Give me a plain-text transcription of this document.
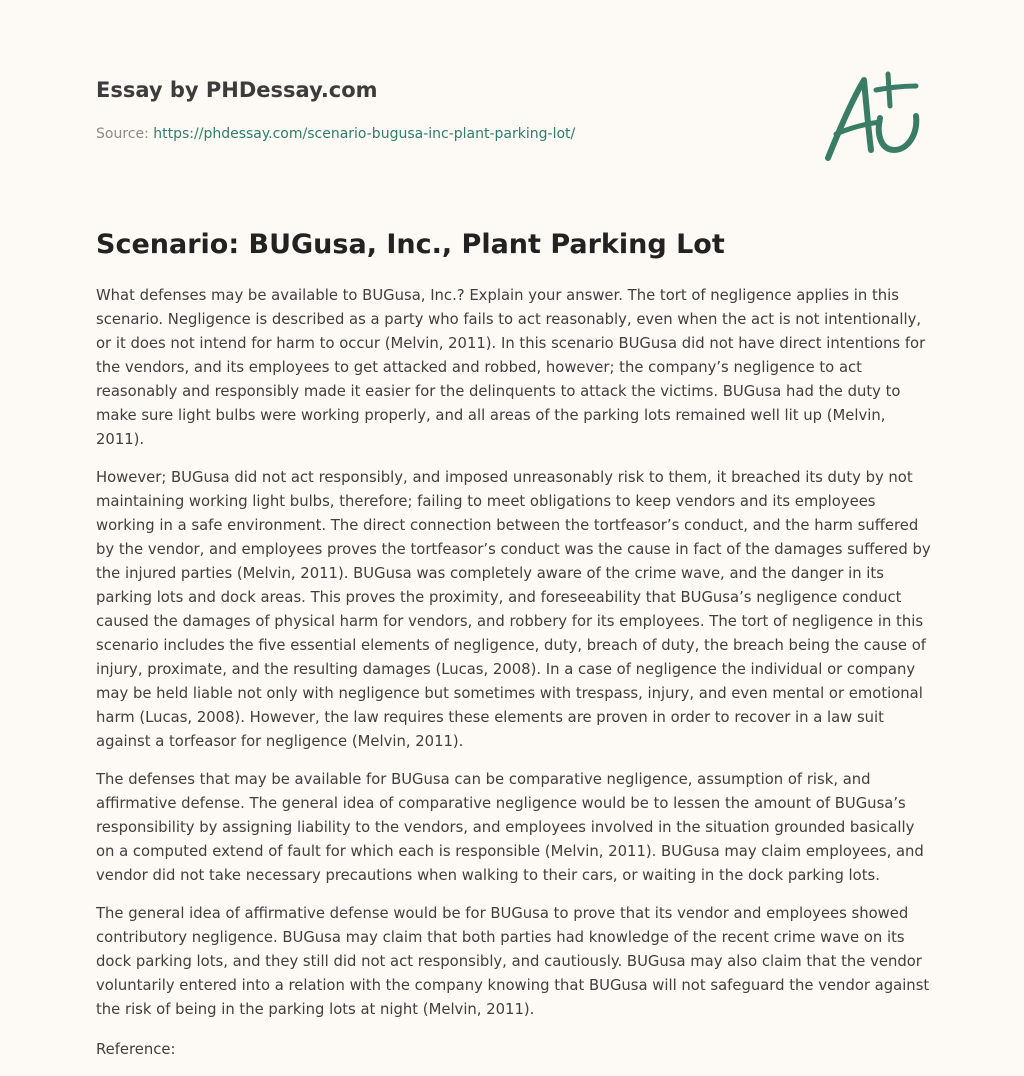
Essay by PHDessay.com
Source: https://phdessay.com/scenario-bugusa-inc-plant-parking-lot/
Scenario: BUGusa, Inc., Plant Parking Lot

What defenses may be available to BUGusa, Inc.? Explain your answer. The tort of negligence applies in this scenario. Negligence is described as a party who fails to act reasonably, even when the act is not intentionally, or it does not intend for harm to occur (Melvin, 2011). In this scenario BUGusa did not have direct intentions for the vendors, and its employees to get attacked and robbed, however; the company’s negligence to act reasonably and responsibly made it easier for the delinquents to attack the victims. BUGusa had the duty to make sure light bulbs were working properly, and all areas of the parking lots remained well lit up (Melvin, 2011).

However; BUGusa did not act responsibly, and imposed unreasonably risk to them, it breached its duty by not maintaining working light bulbs, therefore; failing to meet obligations to keep vendors and its employees working in a safe environment. The direct connection between the tortfeasor’s conduct, and the harm suffered by the vendor, and employees proves the tortfeasor’s conduct was the cause in fact of the damages suffered by the injured parties (Melvin, 2011). BUGusa was completely aware of the crime wave, and the danger in its parking lots and dock areas. This proves the proximity, and foreseeability that BUGusa’s negligence conduct caused the damages of physical harm for vendors, and robbery for its employees. The tort of negligence in this scenario includes the five essential elements of negligence, duty, breach of duty, the breach being the cause of injury, proximate, and the resulting damages (Lucas, 2008). In a case of negligence the individual or company may be held liable not only with negligence but sometimes with trespass, injury, and even mental or emotional harm (Lucas, 2008). However, the law requires these elements are proven in order to recover in a law suit against a torfeasor for negligence (Melvin, 2011).

The defenses that may be available for BUGusa can be comparative negligence, assumption of risk, and affirmative defense. The general idea of comparative negligence would be to lessen the amount of BUGusa’s responsibility by assigning liability to the vendors, and employees involved in the situation grounded basically on a computed extend of fault for which each is responsible (Melvin, 2011). BUGusa may claim employees, and vendor did not take necessary precautions when walking to their cars, or waiting in the dock parking lots.

The general idea of affirmative defense would be for BUGusa to prove that its vendor and employees showed contributory negligence. BUGusa may claim that both parties had knowledge of the recent crime wave on its dock parking lots, and they still did not act responsibly, and cautiously. BUGusa may also claim that the vendor voluntarily entered into a relation with the company knowing that BUGusa will not safeguard the vendor against the risk of being in the parking lots at night (Melvin, 2011).

Reference:
